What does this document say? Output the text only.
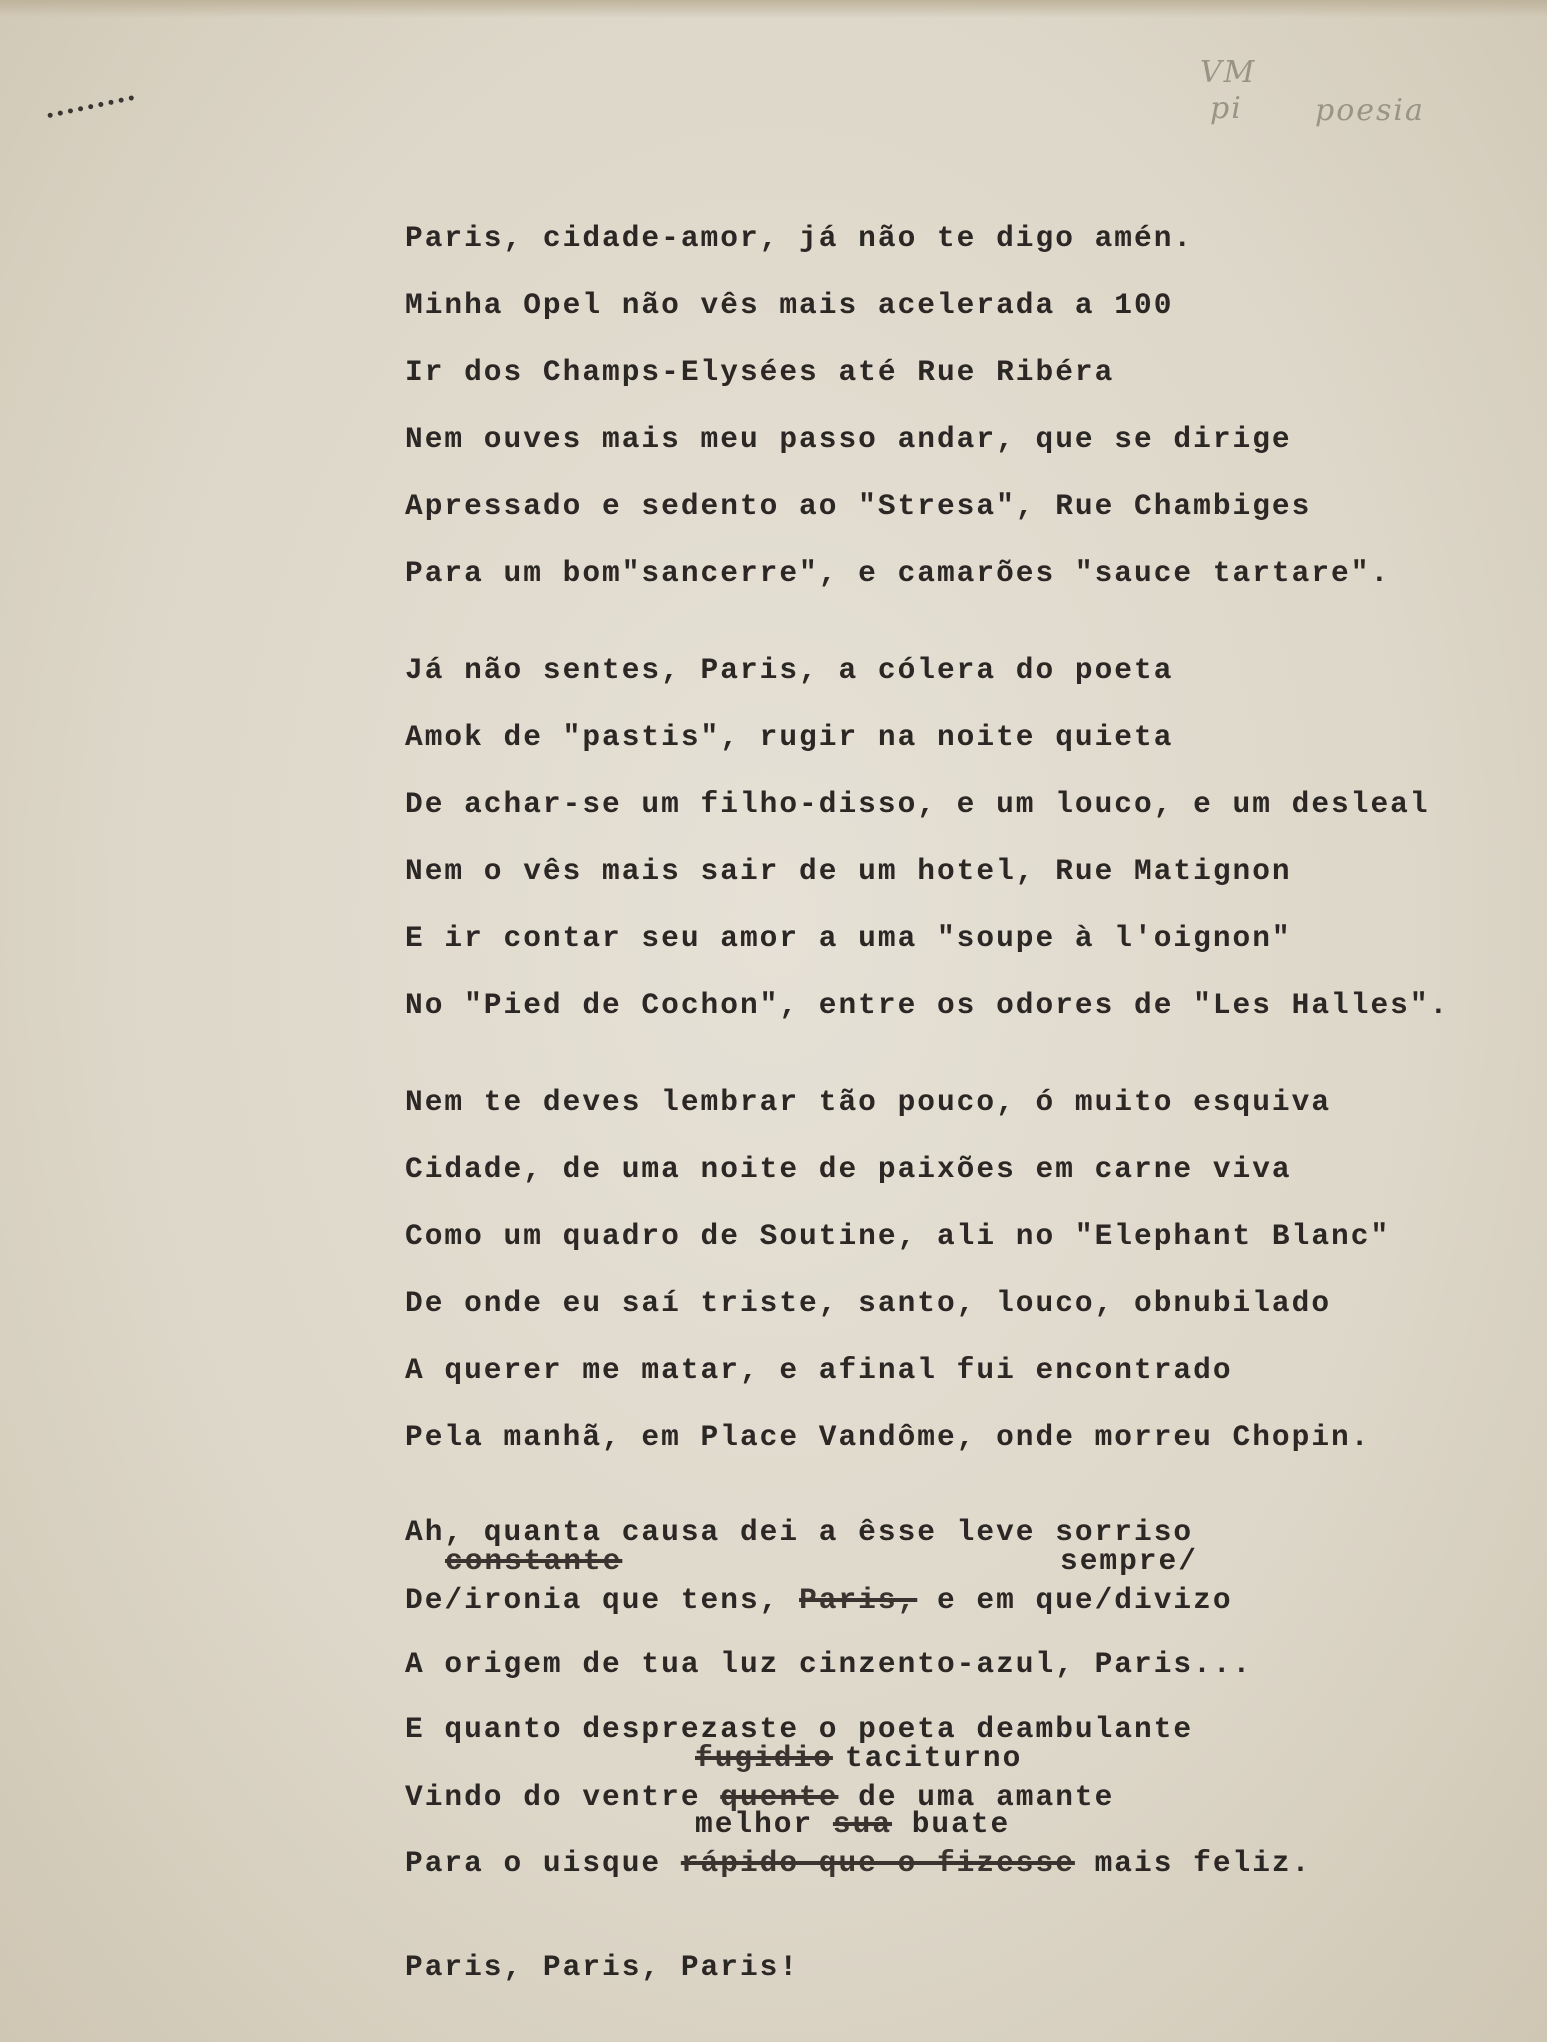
VM
pi	poesia
Paris, cidade-amor, já não te digo amén.
Minha Opel não vês mais acelerada a 100
Ir dos Champs-Elysées até Rue Ribéra
Nem ouves mais meu passo andar, que se dirige
Apressado e sedento ao "Stresa", Rue Chambiges
Para um bom"sancerre", e camarões "sauce tartare".
Já não sentes, Paris, a cólera do poeta
Amok de "pastis", rugir na noite quieta
De achar-se um filho-disso, e um louco, e um desleal
Nem o vês mais sair de um hotel, Rue Matignon
E ir contar seu amor a uma "soupe à l'oignon"
No "Pied de Cochon", entre os odores de "Les Halles".
Nem te deves lembrar tão pouco, ó muito esquiva
Cidade, de uma noite de paixões em carne viva
Como um quadro de Soutine, ali no "Elephant Blanc"
De onde eu saí triste, santo, louco, obnubilado
A querer me matar, e afinal fui encontrado
Pela manhã, em Place Vandôme, onde morreu Chopin.
Ah, quanta causa dei a êsse leve sorriso
constante	sempre/
De/ironia que tens, Paris, e em que/divizo
A origem de tua luz cinzento-azul, Paris...
E quanto desprezaste o poeta deambulante
fugidio taciturno
Vindo do ventre quente de uma amante
melhor sua buate
Para o uisque rápido que o fizesse mais feliz.
Paris, Paris, Paris!
